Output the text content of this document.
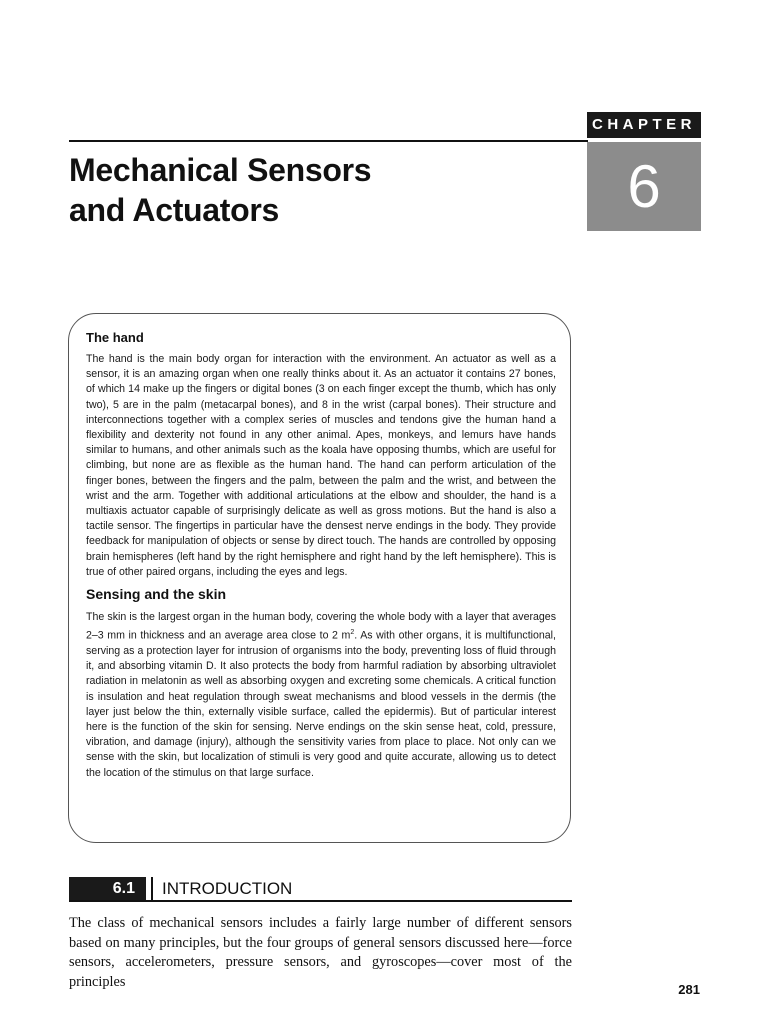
CHAPTER
6
Mechanical Sensors
and Actuators
The hand

The hand is the main body organ for interaction with the environment. An actuator as well as a sensor, it is an amazing organ when one really thinks about it. As an actuator it contains 27 bones, of which 14 make up the fingers or digital bones (3 on each finger except the thumb, which has only two), 5 are in the palm (metacarpal bones), and 8 in the wrist (carpal bones). Their structure and interconnections together with a complex series of muscles and tendons give the human hand a flexibility and dexterity not found in any other animal. Apes, monkeys, and lemurs have hands similar to humans, and other animals such as the koala have opposing thumbs, which are useful for climbing, but none are as flexible as the human hand. The hand can perform articulation of the finger bones, between the fingers and the palm, between the palm and the wrist, and between the wrist and the arm. Together with additional articulations at the elbow and shoulder, the hand is a multiaxis actuator capable of surprisingly delicate as well as gross motions. But the hand is also a tactile sensor. The fingertips in particular have the densest nerve endings in the body. They provide feedback for manipulation of objects or sense by direct touch. The hands are controlled by opposing brain hemispheres (left hand by the right hemisphere and right hand by the left hemisphere). This is true of other paired organs, including the eyes and legs.

Sensing and the skin

The skin is the largest organ in the human body, covering the whole body with a layer that averages 2–3 mm in thickness and an average area close to 2 $m^2$. As with other organs, it is multifunctional, serving as a protection layer for intrusion of organisms into the body, preventing loss of fluid through it, and absorbing vitamin D. It also protects the body from harmful radiation by absorbing ultraviolet radiation in melatonin as well as absorbing oxygen and excreting some chemicals. A critical function is insulation and heat regulation through sweat mechanisms and blood vessels in the dermis (the layer just below the thin, externally visible surface, called the epidermis). But of particular interest here is the function of the skin for sensing. Nerve endings on the skin sense heat, cold, pressure, vibration, and damage (injury), although the sensitivity varies from place to place. Not only can we sense with the skin, but localization of stimuli is very good and quite accurate, allowing us to detect the location of the stimulus on that large surface.

6.1	INTRODUCTION

The class of mechanical sensors includes a fairly large number of different sensors based on many principles, but the four groups of general sensors discussed here—force sensors, accelerometers, pressure sensors, and gyroscopes—cover most of the principles	281
